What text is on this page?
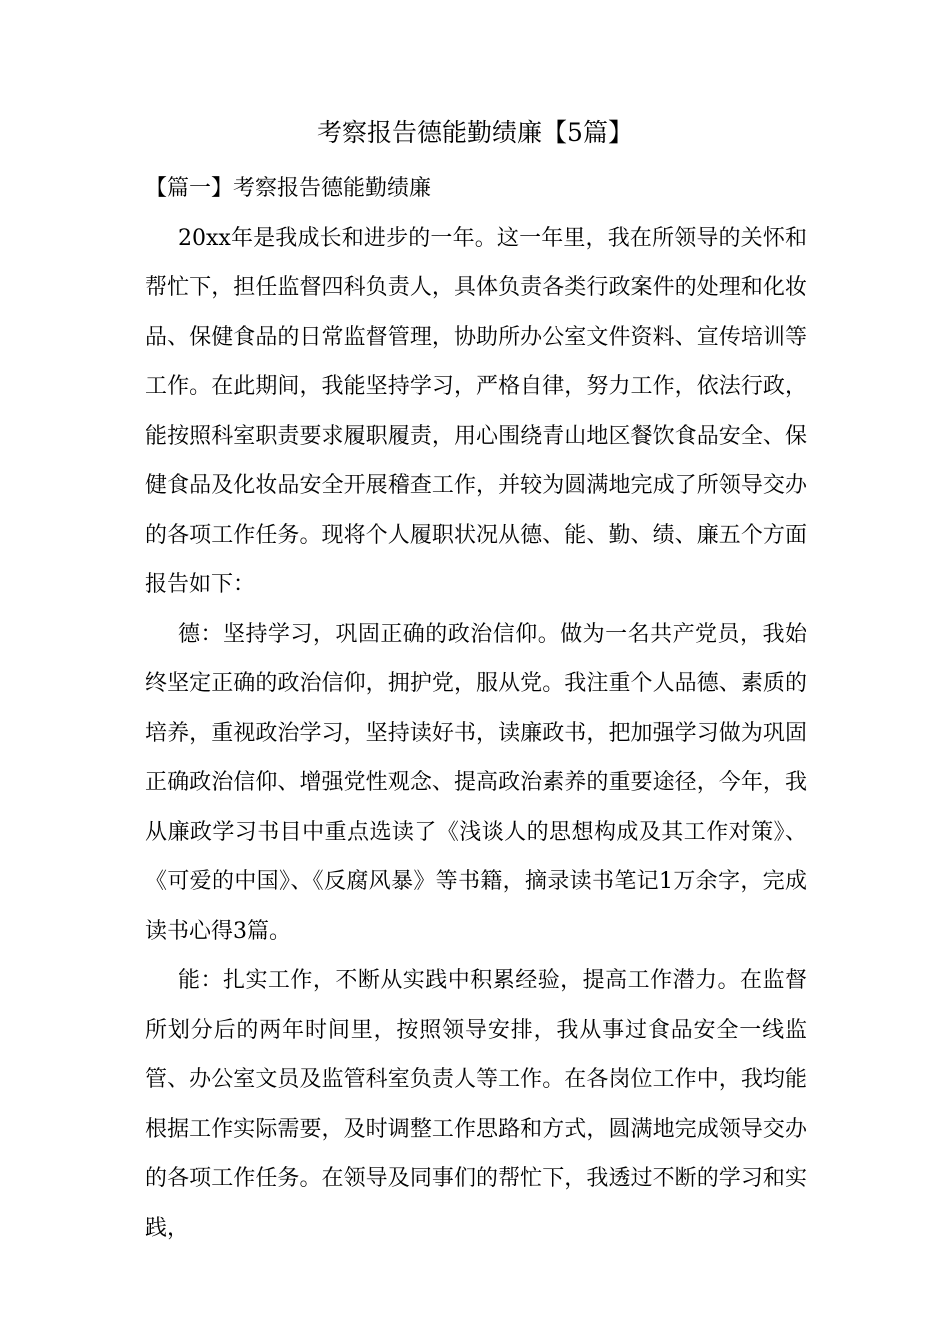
考察报告德能勤绩廉【5篇】

【篇一】考察报告德能勤绩廉

20xx年是我成长和进步的一年。这一年里，我在所领导的关怀和帮忙下，担任监督四科负责人，具体负责各类行政案件的处理和化妆品、保健食品的日常监督管理，协助所办公室文件资料、宣传培训等工作。在此期间，我能坚持学习，严格自律，努力工作，依法行政，能按照科室职责要求履职履责，用心围绕青山地区餐饮食品安全、保健食品及化妆品安全开展稽查工作，并较为圆满地完成了所领导交办的各项工作任务。现将个人履职状况从德、能、勤、绩、廉五个方面报告如下：

德：坚持学习，巩固正确的政治信仰。做为一名共产党员，我始终坚定正确的政治信仰，拥护党，服从党。我注重个人品德、素质的培养，重视政治学习，坚持读好书，读廉政书，把加强学习做为巩固正确政治信仰、增强党性观念、提高政治素养的重要途径，今年，我从廉政学习书目中重点选读了《浅谈人的思想构成及其工作对策》、《可爱的中国》、《反腐风暴》等书籍，摘录读书笔记1万余字，完成读书心得3篇。

能：扎实工作，不断从实践中积累经验，提高工作潜力。在监督所划分后的两年时间里，按照领导安排，我从事过食品安全一线监管、办公室文员及监管科室负责人等工作。在各岗位工作中，我均能根据工作实际需要，及时调整工作思路和方式，圆满地完成领导交办的各项工作任务。在领导及同事们的帮忙下，我透过不断的学习和实践，
